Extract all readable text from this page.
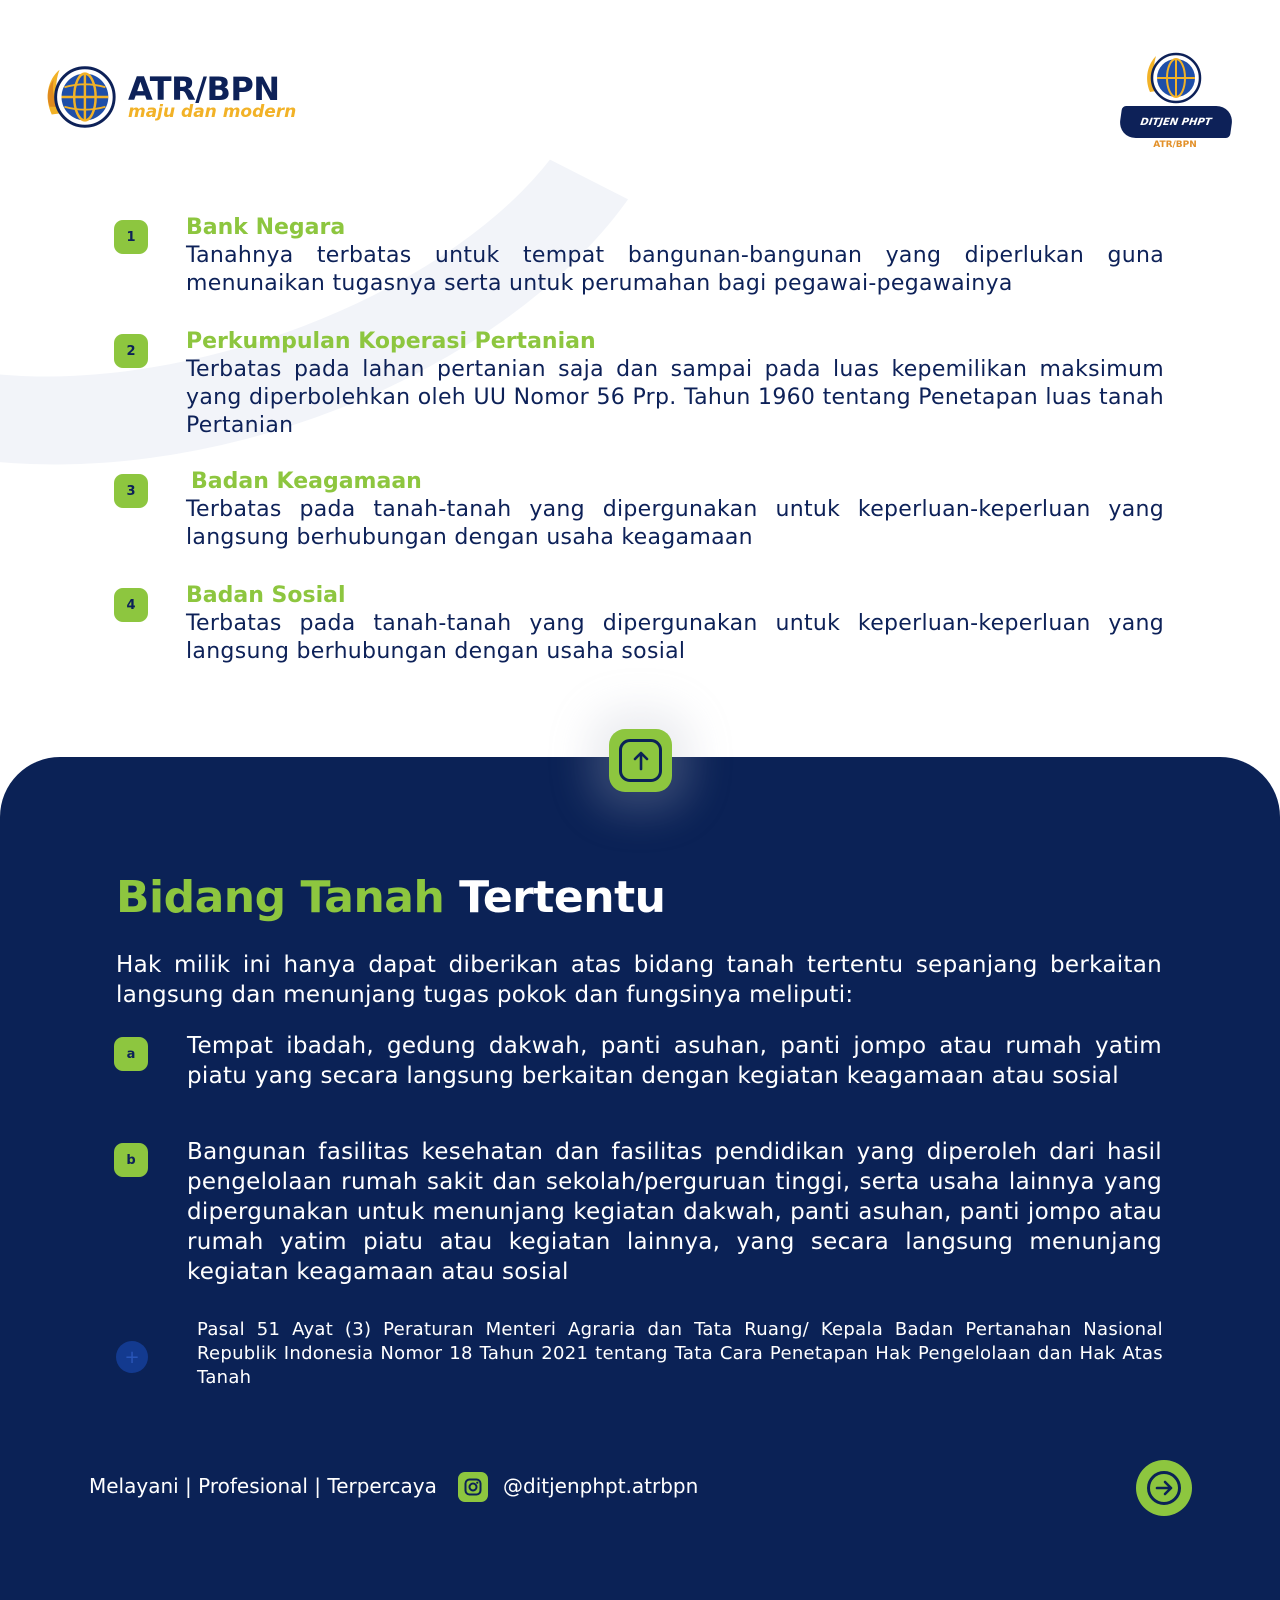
ATR/BPN
maju dan modern	DITJEN PHPT
ATR/BPN
1	Bank Negara
Tanahnya terbatas untuk tempat bangunan-bangunan yang diperlukan guna menunaikan tugasnya serta untuk perumahan bagi pegawai-pegawainya
2	Perkumpulan Koperasi Pertanian
Terbatas pada lahan pertanian saja dan sampai pada luas kepemilikan maksimum yang diperbolehkan oleh UU Nomor 56 Prp. Tahun 1960 tentang Penetapan luas tanah Pertanian
3	Badan Keagamaan
Terbatas pada tanah-tanah yang dipergunakan untuk keperluan-keperluan yang langsung berhubungan dengan usaha keagamaan
4	Badan Sosial
Terbatas pada tanah-tanah yang dipergunakan untuk keperluan-keperluan yang langsung berhubungan dengan usaha sosial
Bidang Tanah Tertentu
Hak milik ini hanya dapat diberikan atas bidang tanah tertentu sepanjang berkaitan langsung dan menunjang tugas pokok dan fungsinya meliputi:
a	Tempat ibadah, gedung dakwah, panti asuhan, panti jompo atau rumah yatim piatu yang secara langsung berkaitan dengan kegiatan keagamaan atau sosial
b	Bangunan fasilitas kesehatan dan fasilitas pendidikan yang diperoleh dari hasil pengelolaan rumah sakit dan sekolah/perguruan tinggi, serta usaha lainnya yang dipergunakan untuk menunjang kegiatan dakwah, panti asuhan, panti jompo atau rumah yatim piatu atau kegiatan lainnya, yang secara langsung menunjang kegiatan keagamaan atau sosial
+
Pasal 51 Ayat (3) Peraturan Menteri Agraria dan Tata Ruang/ Kepala Badan Pertanahan Nasional Republik Indonesia Nomor 18 Tahun 2021 tentang Tata Cara Penetapan Hak Pengelolaan dan Hak Atas Tanah
Melayani | Profesional | Terpercaya	@ditjenphpt.atrbpn
